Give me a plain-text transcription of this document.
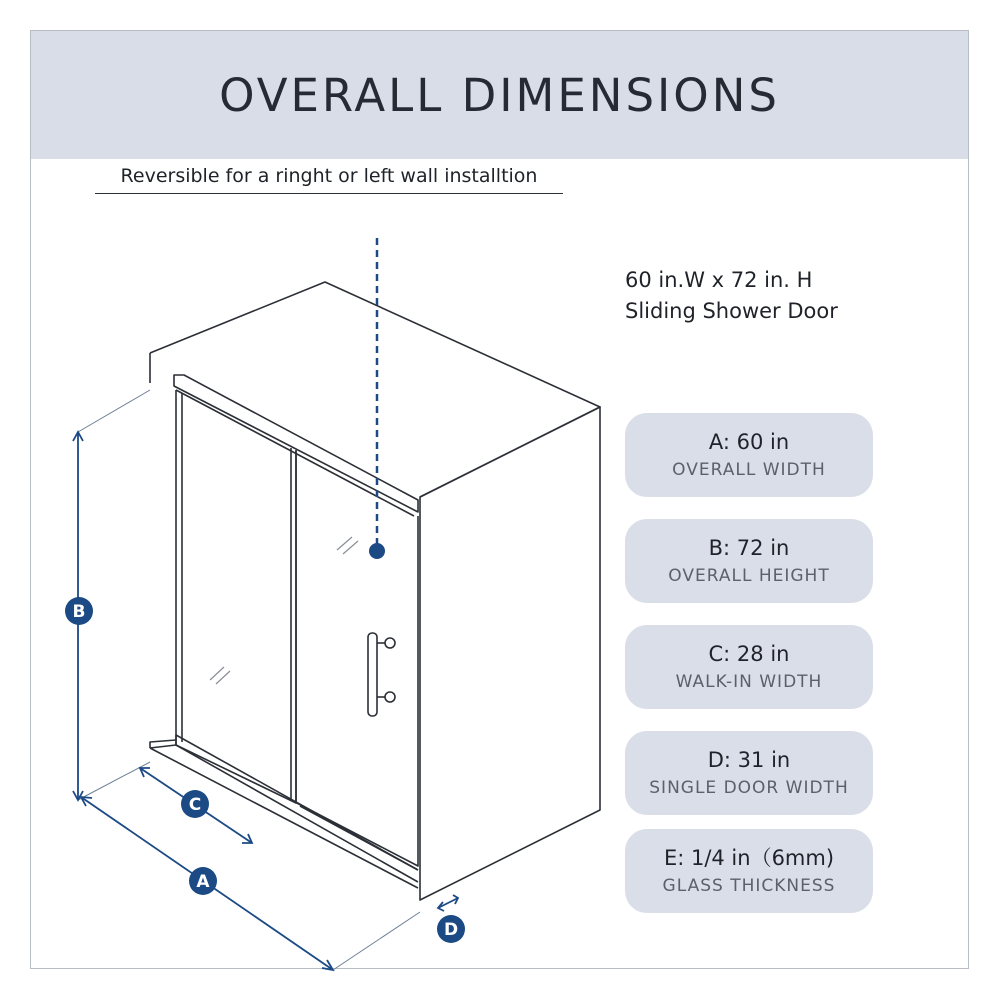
OVERALL DIMENSIONS
B
C
A
D
Reversible for a ringht or left wall installtion
60 in.W x 72 in. H
Sliding Shower Door
A: 60 in
OVERALL WIDTH
B: 72 in
OVERALL HEIGHT
C: 28 in
WALK-IN WIDTH
D: 31 in
SINGLE DOOR WIDTH
E: 1/4 in（6mm)
GLASS THICKNESS
